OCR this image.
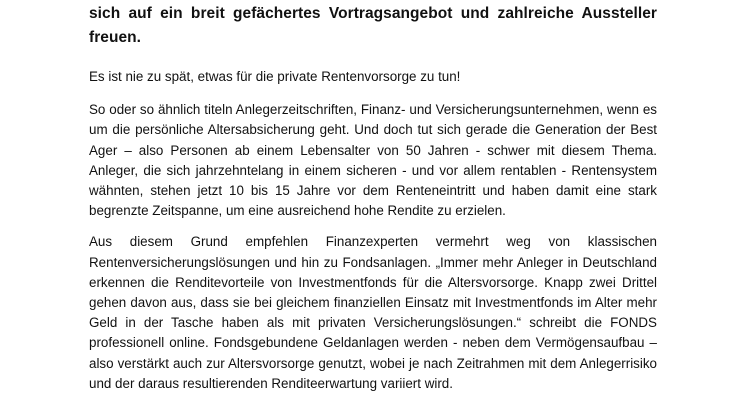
sich auf ein breit gefächertes Vortragsangebot und zahlreiche Aussteller freuen.

Es ist nie zu spät, etwas für die private Rentenvorsorge zu tun!

So oder so ähnlich titeln Anlegerzeitschriften, Finanz- und Versicherungsunternehmen, wenn es um die persönliche Altersabsicherung geht. Und doch tut sich gerade die Generation der Best Ager – also Personen ab einem Lebensalter von 50 Jahren - schwer mit diesem Thema. Anleger, die sich jahrzehntelang in einem sicheren - und vor allem rentablen - Rentensystem wähnten, stehen jetzt 10 bis 15 Jahre vor dem Renteneintritt und haben damit eine stark begrenzte Zeitspanne, um eine ausreichend hohe Rendite zu erzielen.

Aus diesem Grund empfehlen Finanzexperten vermehrt weg von klassischen Rentenversicherungslösungen und hin zu Fondsanlagen. „Immer mehr Anleger in Deutschland erkennen die Renditevorteile von Investmentfonds für die Altersvorsorge. Knapp zwei Drittel gehen davon aus, dass sie bei gleichem finanziellen Einsatz mit Investmentfonds im Alter mehr Geld in der Tasche haben als mit privaten Versicherungslösungen.“ schreibt die FONDS professionell online. Fondsgebundene Geldanlagen werden - neben dem Vermögensaufbau – also verstärkt auch zur Altersvorsorge genutzt, wobei je nach Zeitrahmen mit dem Anlegerrisiko und der daraus resultierenden Renditeerwartung variiert wird.
